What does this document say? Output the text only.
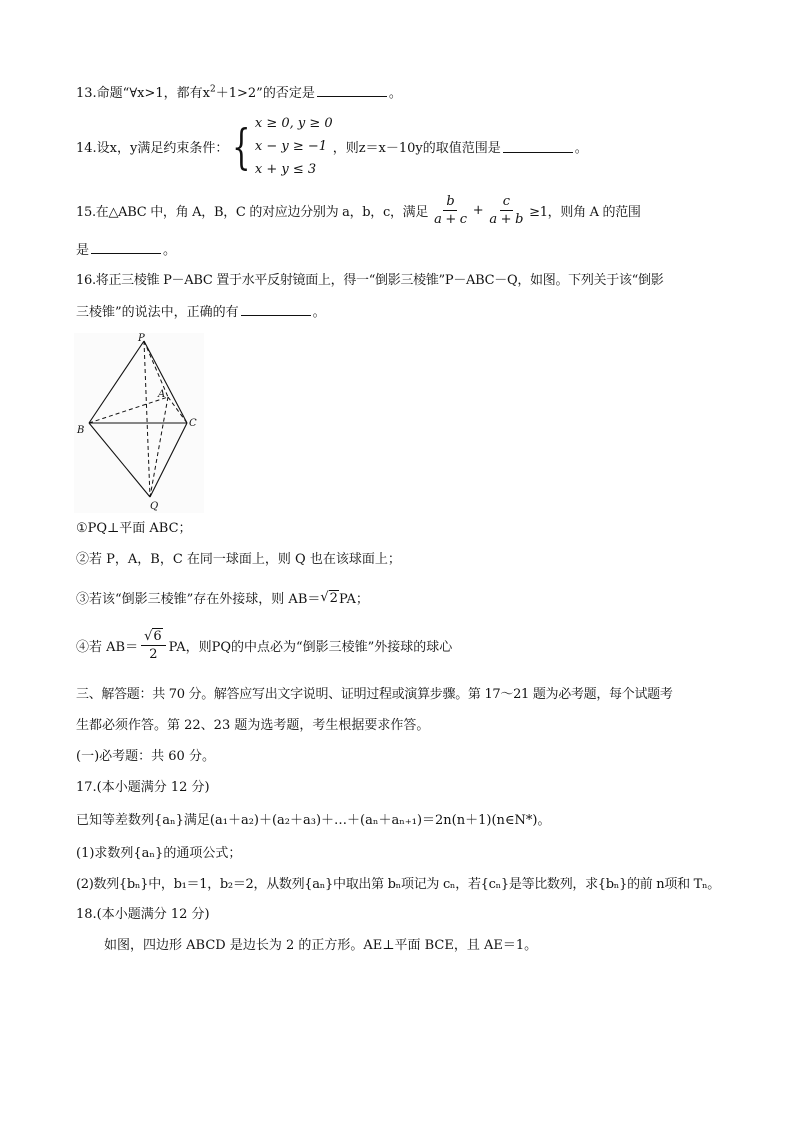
13.命题“∀x>1，都有$x^2+1>2$”的否定是	。
14.设x，y满足约束条件： { x ≥ 0, y ≥ 0
x − y ≥ −1
x + y ≤ 3
，则z＝x－10y的取值范围是	。
15.在△ABC 中，角 A，B，C 的对应边分别为 a，b，c，满足 $\frac{b}{a + c} + \frac{c}{a + b} \ge 1$，则角 A 的范围
是	。
16.将正三棱锥 P－ABC 置于水平反射镜面上，得一“倒影三棱锥”P－ABC－Q，如图。下列关于该“倒影
三棱锥”的说法中，正确的有	。
P
A
B
C
Q
①PQ⊥平面 ABC；
②若 P，A，B，C 在同一球面上，则 Q 也在该球面上；
③若该“倒影三棱锥”存在外接球，则 AB＝ √ 2 PA；
④若 $AB= \frac{√ 6}{2}$ PA，则PQ的中点必为“倒影三棱锥”外接球的球心
三、解答题：共 70 分。解答应写出文字说明、证明过程或演算步骤。第 17～21 题为必考题，每个试题考
生都必须作答。第 22、23 题为选考题，考生根据要求作答。
(一)必考题：共 60 分。
17.(本小题满分 12 分)
已知等差数列{aₙ}满足(a₁＋a₂)＋(a₂＋a₃)＋…＋(aₙ＋aₙ₊₁)＝2n(n＋1)(n∈N*)。
(1)求数列{aₙ}的通项公式；
(2)数列{bₙ}中，b₁＝1，b₂＝2，从数列{aₙ}中取出第 bₙ项记为 cₙ，若{cₙ}是等比数列，求{bₙ}的前 n项和 Tₙ。
18.(本小题满分 12 分)
如图，四边形 ABCD 是边长为 2 的正方形。AE⊥平面 BCE，且 AE＝1。
